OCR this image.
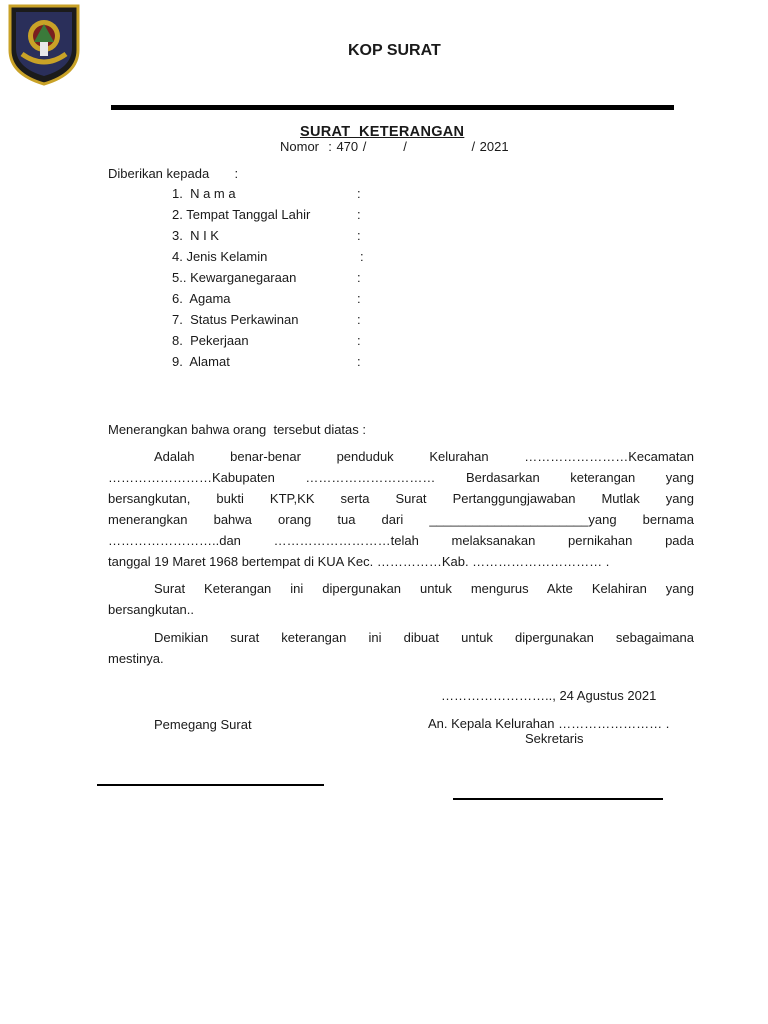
KOP SURAT
SURAT  KETERANGAN
Nomor  : 470 /        /              / 2021
Diberikan kepada       :
1.  N a m a	:
2. Tempat Tanggal Lahir	:
3.  N I K	:
4. Jenis Kelamin	:
5.. Kewarganegaraan	:
6.  Agama	:
7.  Status Perkawinan	:
8.  Pekerjaan	:
9.  Alamat	:
Menerangkan bahwa orang  tersebut diatas :
Adalah benar-benar penduduk Kelurahan ……………………Kecamatan
……………………Kabupaten ………………………… Berdasarkan keterangan yang
bersangkutan, bukti KTP,KK serta Surat Pertanggungjawaban Mutlak yang
menerangkan bahwa orang tua dari ______________________yang bernama
……………………..dan ………………………telah melaksanakan pernikahan pada
tanggal 19 Maret 1968 bertempat di KUA Kec. ……………Kab. ………………………… .
Surat Keterangan ini dipergunakan untuk mengurus Akte Kelahiran yang
bersangkutan..
Demikian surat keterangan ini dibuat untuk dipergunakan sebagaimana
mestinya.
…………………….., 24 Agustus 2021
Pemegang Surat	An. Kepala Kelurahan …………………… .
Sekretaris
